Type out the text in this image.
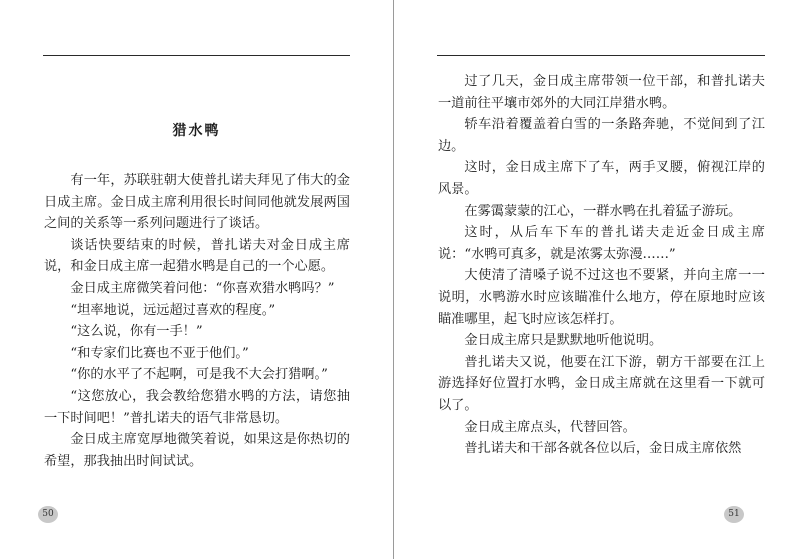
猎水鸭

有一年，苏联驻朝大使普扎诺夫拜见了伟大的金日成主席。金日成主席利用很长时间同他就发展两国之间的关系等一系列问题进行了谈话。

谈话快要结束的时候，普扎诺夫对金日成主席说，和金日成主席一起猎水鸭是自己的一个心愿。

金日成主席微笑着问他：“你喜欢猎水鸭吗？”

“坦率地说，远远超过喜欢的程度。”

“这么说，你有一手！”

“和专家们比赛也不亚于他们。”

“你的水平了不起啊，可是我不大会打猎啊。”

“这您放心，我会教给您猎水鸭的方法，请您抽一下时间吧！”普扎诺夫的语气非常恳切。

金日成主席宽厚地微笑着说，如果这是你热切的希望，那我抽出时间试试。

50

过了几天，金日成主席带领一位干部，和普扎诺夫一道前往平壤市郊外的大同江岸猎水鸭。

轿车沿着覆盖着白雪的一条路奔驰，不觉间到了江边。

这时，金日成主席下了车，两手叉腰，俯视江岸的风景。

在雾霭蒙蒙的江心，一群水鸭在扎着猛子游玩。

这时，从后车下车的普扎诺夫走近金日成主席说：“水鸭可真多，就是浓雾太弥漫……”

大使清了清嗓子说不过这也不要紧，并向主席一一说明，水鸭游水时应该瞄准什么地方，停在原地时应该瞄准哪里，起飞时应该怎样打。

金日成主席只是默默地听他说明。

普扎诺夫又说，他要在江下游，朝方干部要在江上游选择好位置打水鸭，金日成主席就在这里看一下就可以了。

金日成主席点头，代替回答。

普扎诺夫和干部各就各位以后，金日成主席依然

51
